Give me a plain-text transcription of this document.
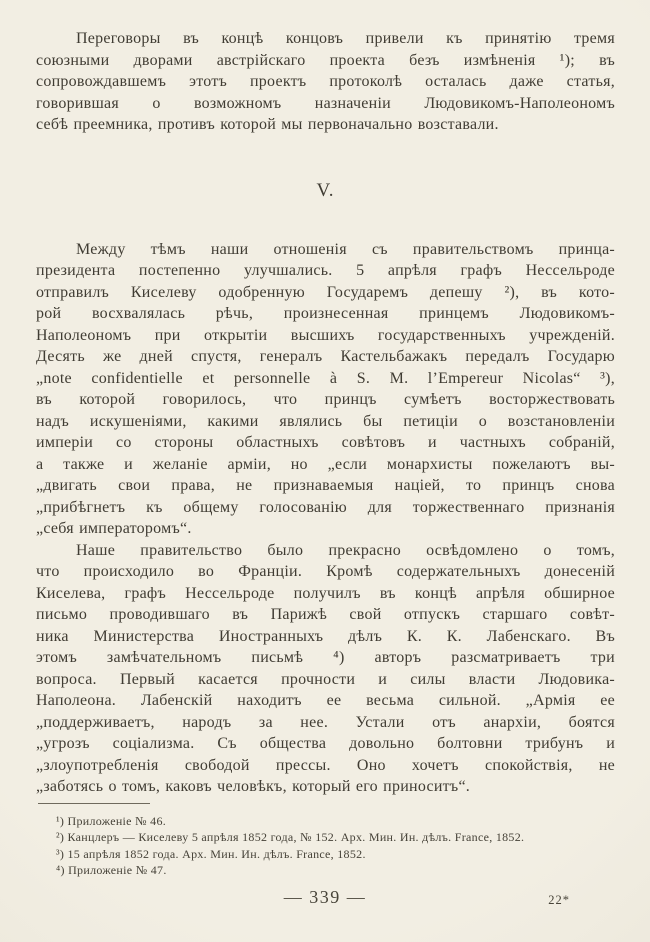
Переговоры въ концѣ концовъ привели къ принятію тремя
союзными дворами австрійскаго проекта безъ измѣненія ¹); въ
сопровождавшемъ этотъ проектъ протоколѣ осталась даже статья,
говорившая о возможномъ назначеніи Людовикомъ-Наполеономъ
себѣ преемника, противъ которой мы первоначально возставали.
V.
Между тѣмъ наши отношенія съ правительствомъ принца-
президента постепенно улучшались. 5 апрѣля графъ Нессельроде
отправилъ Киселеву одобренную Государемъ депешу ²), въ кото-
рой восхвалялась рѣчь, произнесенная принцемъ Людовикомъ-
Наполеономъ при открытіи высшихъ государственныхъ учрежденій.
Десять же дней спустя, генералъ Кастельбажакъ передалъ Государю
„note confidentielle et personnelle à S. M. l’Empereur Nicolas“ ³),
въ которой говорилось, что принцъ сумѣетъ восторжествовать
надъ искушеніями, какими являлись бы петиціи о возстановленіи
имперіи со стороны областныхъ совѣтовъ и частныхъ собраній,
а также и желаніе арміи, но „если монархисты пожелаютъ вы-
„двигать свои права, не признаваемыя націей, то принцъ снова
„прибѣгнетъ къ общему голосованію для торжественнаго признанія
„себя императоромъ“.
Наше правительство было прекрасно освѣдомлено о томъ,
что происходило во Франціи. Кромѣ содержательныхъ донесеній
Киселева, графъ Нессельроде получилъ въ концѣ апрѣля обширное
письмо проводившаго въ Парижѣ свой отпускъ старшаго совѣт-
ника Министерства Иностранныхъ дѣлъ К. К. Лабенскаго. Въ
этомъ замѣчательномъ письмѣ ⁴) авторъ разсматриваетъ три
вопроса. Первый касается прочности и силы власти Людовика-
Наполеона. Лабенскій находитъ ее весьма сильной. „Армія ее
„поддерживаетъ, народъ за нее. Устали отъ анархіи, боятся
„угрозъ соціализма. Съ общества довольно болтовни трибунъ и
„злоупотребленія свободой прессы. Оно хочетъ спокойствія, не
„заботясь о томъ, каковъ человѣкъ, который его приноситъ“.
¹) Приложеніе № 46.
²) Канцлеръ — Киселеву 5 апрѣля 1852 года, № 152. Арх. Мин. Ин. дѣлъ. France, 1852.
³) 15 апрѣля 1852 года. Арх. Мин. Ин. дѣлъ. France, 1852.
⁴) Приложеніе № 47.
— 339 —	22*
